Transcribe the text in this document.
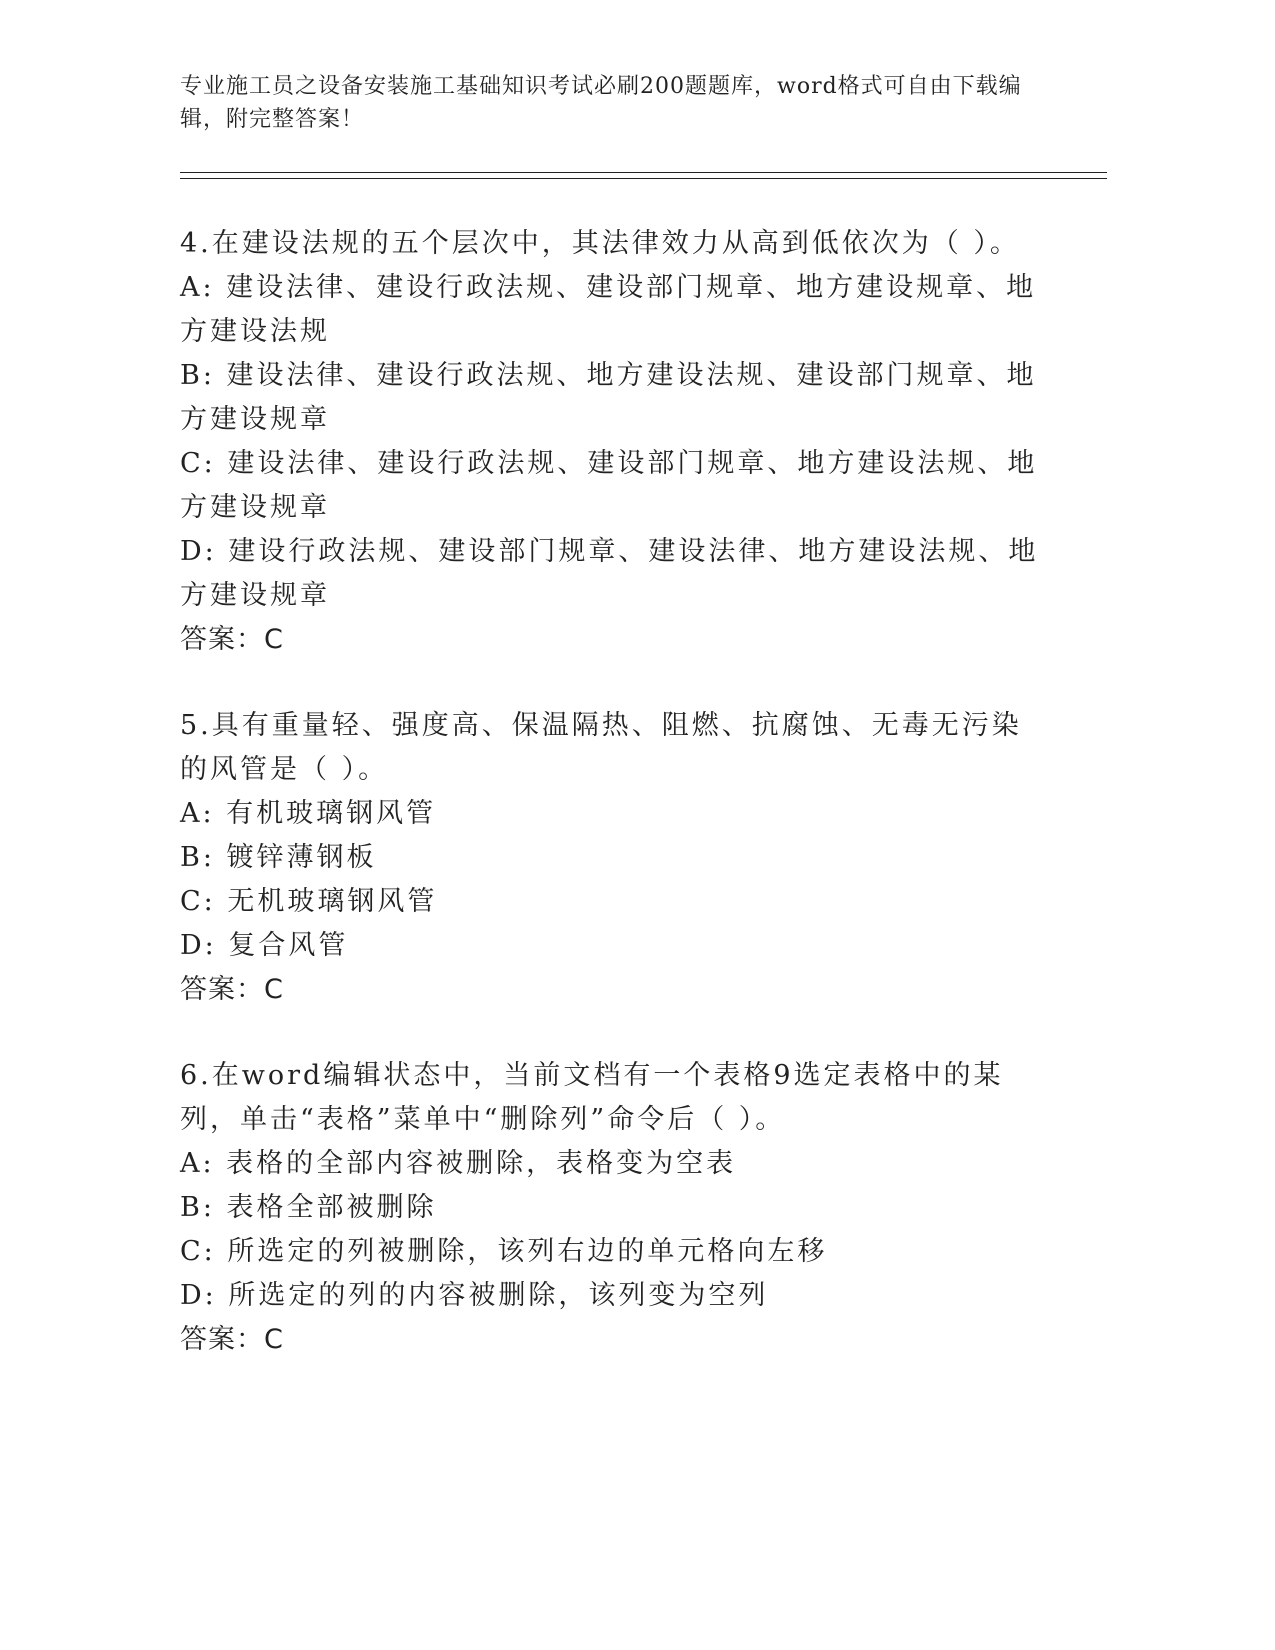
专业施工员之设备安装施工基础知识考试必刷200题题库，word格式可自由下载编辑，附完整答案！

4.在建设法规的五个层次中，其法律效力从高到低依次为（ ）。

A: 建设法律、建设行政法规、建设部门规章、地方建设规章、地方建设法规

B: 建设法律、建设行政法规、地方建设法规、建设部门规章、地方建设规章

C: 建设法律、建设行政法规、建设部门规章、地方建设法规、地方建设规章

D: 建设行政法规、建设部门规章、建设法律、地方建设法规、地方建设规章

答案：C

5.具有重量轻、强度高、保温隔热、阻燃、抗腐蚀、无毒无污染的风管是（ ）。

A: 有机玻璃钢风管

B: 镀锌薄钢板

C: 无机玻璃钢风管

D: 复合风管

答案：C

6.在word编辑状态中，当前文档有一个表格9选定表格中的某列，单击“表格”菜单中“删除列”命令后（ ）。

A: 表格的全部内容被删除，表格变为空表

B: 表格全部被删除

C: 所选定的列被删除，该列右边的单元格向左移

D: 所选定的列的内容被删除，该列变为空列

答案：C
